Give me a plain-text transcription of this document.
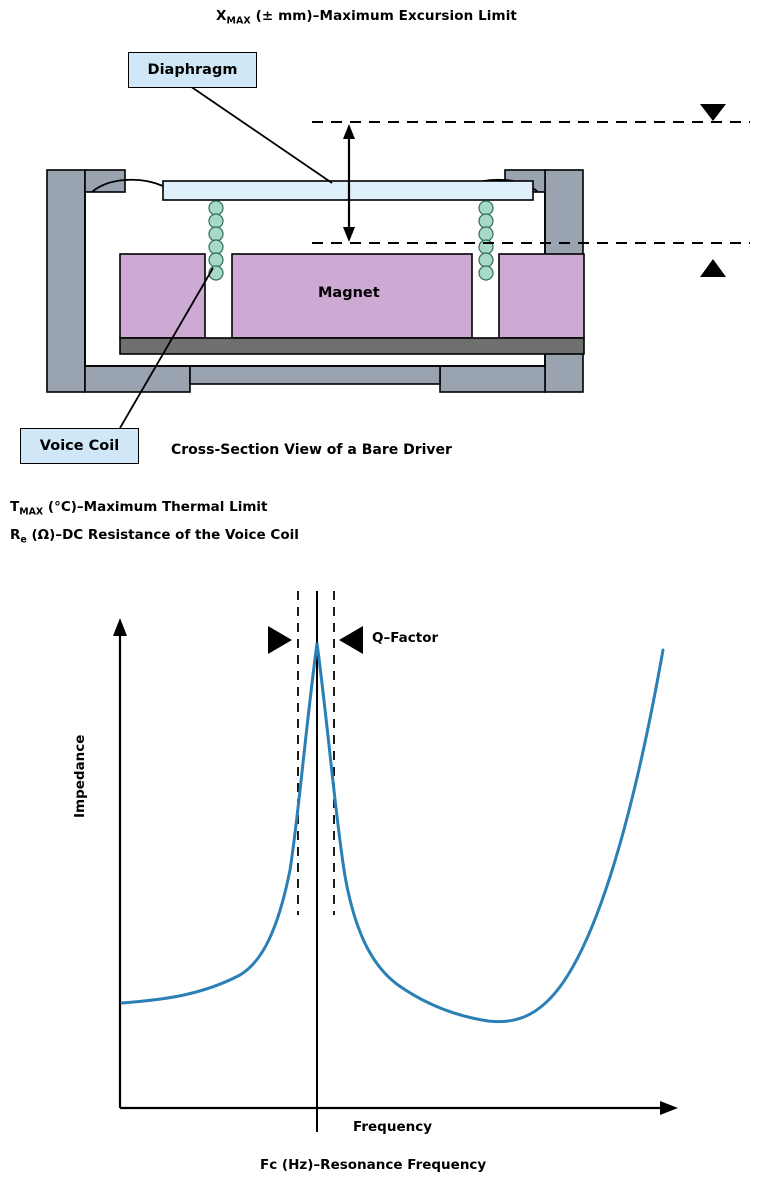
$X_{MAX}$ (± mm)–Maximum Excursion Limit
Diaphragm
Voice Coil
Magnet
Cross-Section View of a Bare Driver
$T_{MAX}$ (°C)–Maximum Thermal Limit
$R_e$ (Ω)–DC Resistance of the Voice Coil
Q–Factor
Impedance
Frequency
Fc (Hz)–Resonance Frequency
